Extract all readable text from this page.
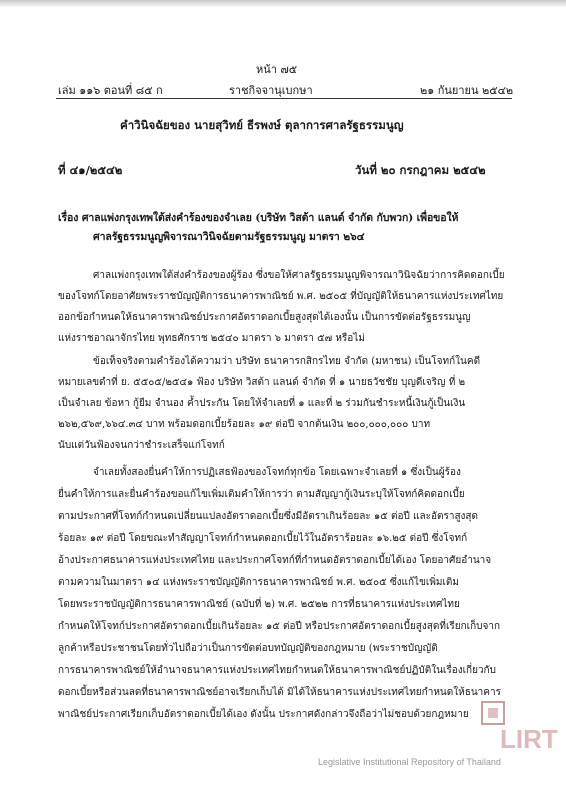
หน้า ๗๕
เล่ม ๑๑๖ ตอนที่ ๘๕ ก	ราชกิจจานุเบกษา	๒๑ กันยายน ๒๕๔๒
คำวินิจฉัยของ นายสุวิทย์ ธีรพงษ์ ตุลาการศาลรัฐธรรมนูญ
ที่ ๔๑/๒๕๔๒	วันที่ ๒๐ กรกฎาคม ๒๕๔๒
เรื่อง ศาลแพ่งกรุงเทพใต้ส่งคำร้องของจำเลย (บริษัท วิสต้า แลนด์ จำกัด กับพวก) เพื่อขอให้
ศาลรัฐธรรมนูญพิจารณาวินิจฉัยตามรัฐธรรมนูญ มาตรา ๒๖๔
ศาลแพ่งกรุงเทพใต้ส่งคำร้องของผู้ร้อง ซึ่งขอให้ศาลรัฐธรรมนูญพิจารณาวินิจฉัยว่าการคิดดอกเบี้ย
ของโจทก์โดยอาศัยพระราชบัญญัติการธนาคารพาณิชย์ พ.ศ. ๒๕๐๕ ที่บัญญัติให้ธนาคารแห่งประเทศไทย
ออกข้อกำหนดให้ธนาคารพาณิชย์ประกาศอัตราดอกเบี้ยสูงสุดได้เองนั้น เป็นการขัดต่อรัฐธรรมนูญ
แห่งราชอาณาจักรไทย พุทธศักราช ๒๕๔๐ มาตรา ๖ มาตรา ๕๗ หรือไม่
ข้อเท็จจริงตามคำร้องได้ความว่า บริษัท ธนาคารกสิกรไทย จำกัด (มหาชน) เป็นโจทก์ในคดี
หมายเลขดำที่ ย. ๕๕๐๕/๒๕๔๑ ฟ้อง บริษัท วิสต้า แลนด์ จำกัด ที่ ๑ นายธวัชชัย บุญดีเจริญ ที่ ๒
เป็นจำเลย ข้อหา กู้ยืม จำนอง ค้ำประกัน โดยให้จำเลยที่ ๑ และที่ ๒ ร่วมกันชำระหนี้เงินกู้เป็นเงิน
๒๖๒,๕๖๙,๖๖๔.๓๔ บาท พร้อมดอกเบี้ยร้อยละ ๑๙ ต่อปี จากต้นเงิน ๒๐๐,๐๐๐,๐๐๐ บาท
นับแต่วันฟ้องจนกว่าชำระเสร็จแก่โจทก์
จำเลยทั้งสองยื่นคำให้การปฏิเสธฟ้องของโจทก์ทุกข้อ โดยเฉพาะจำเลยที่ ๑ ซึ่งเป็นผู้ร้อง
ยื่นคำให้การและยื่นคำร้องขอแก้ไขเพิ่มเติมคำให้การว่า ตามสัญญากู้เงินระบุให้โจทก์คิดดอกเบี้ย
ตามประกาศที่โจทก์กำหนดเปลี่ยนแปลงอัตราดอกเบี้ยซึ่งมีอัตราเกินร้อยละ ๑๕ ต่อปี และอัตราสูงสุด
ร้อยละ ๑๙ ต่อปี โดยขณะทำสัญญาโจทก์กำหนดดอกเบี้ยไว้ในอัตราร้อยละ ๑๖.๒๕ ต่อปี ซึ่งโจทก์
อ้างประกาศธนาคารแห่งประเทศไทย และประกาศโจทก์ที่กำหนดอัตราดอกเบี้ยได้เอง โดยอาศัยอำนาจ
ตามความในมาตรา ๑๔ แห่งพระราชบัญญัติการธนาคารพาณิชย์ พ.ศ. ๒๕๐๕ ซึ่งแก้ไขเพิ่มเติม
โดยพระราชบัญญัติการธนาคารพาณิชย์ (ฉบับที่ ๒) พ.ศ. ๒๕๒๒ การที่ธนาคารแห่งประเทศไทย
กำหนดให้โจทก์ประกาศอัตราดอกเบี้ยเกินร้อยละ ๑๕ ต่อปี หรือประกาศอัตราดอกเบี้ยสูงสุดที่เรียกเก็บจาก
ลูกค้าหรือประชาชนโดยทั่วไปถือว่าเป็นการขัดต่อบทบัญญัติของกฎหมาย (พระราชบัญญัติ
การธนาคารพาณิชย์ให้อำนาจธนาคารแห่งประเทศไทยกำหนดให้ธนาคารพาณิชย์ปฏิบัติในเรื่องเกี่ยวกับ
ดอกเบี้ยหรือส่วนลดที่ธนาคารพาณิชย์อาจเรียกเก็บได้ มิได้ให้ธนาคารแห่งประเทศไทยกำหนดให้ธนาคาร
พาณิชย์ประกาศเรียกเก็บอัตราดอกเบี้ยได้เอง ดังนั้น ประกาศดังกล่าวจึงถือว่าไม่ชอบด้วยกฎหมาย
LIRT
Legislative Institutional Repository of Thailand
